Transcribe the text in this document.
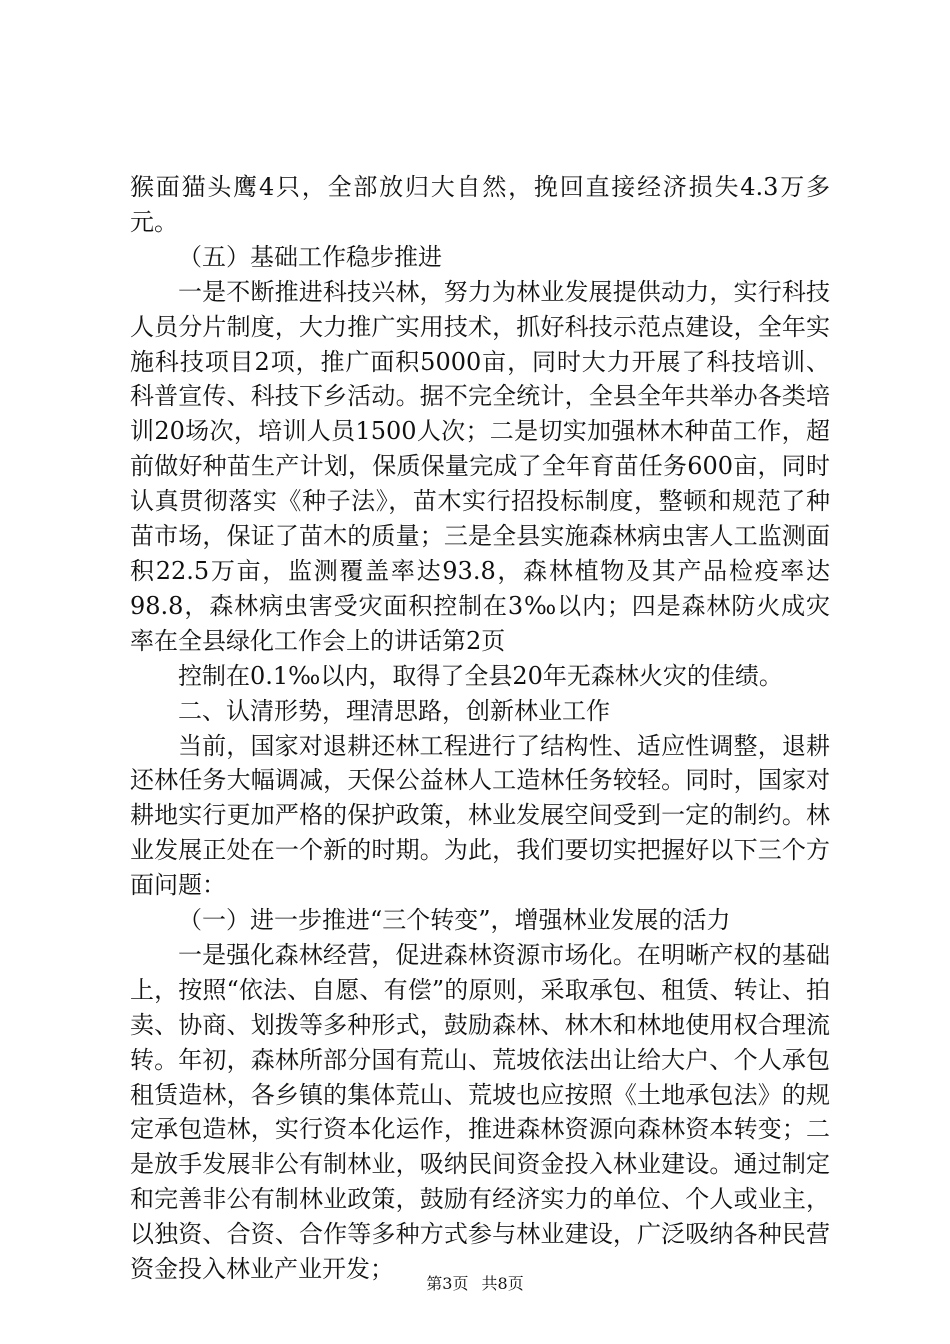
猴面猫头鹰4只，全部放归大自然，挽回直接经济损失4.3万多元。

（五）基础工作稳步推进

一是不断推进科技兴林，努力为林业发展提供动力，实行科技人员分片制度，大力推广实用技术，抓好科技示范点建设，全年实施科技项目2项，推广面积5000亩，同时大力开展了科技培训、科普宣传、科技下乡活动。据不完全统计，全县全年共举办各类培训20场次，培训人员1500人次；二是切实加强林木种苗工作，超前做好种苗生产计划，保质保量完成了全年育苗任务600亩，同时认真贯彻落实《种子法》，苗木实行招投标制度，整顿和规范了种苗市场，保证了苗木的质量；三是全县实施森林病虫害人工监测面积22.5万亩，监测覆盖率达93.8，森林植物及其产品检疫率达98.8，森林病虫害受灾面积控制在3‰以内；四是森林防火成灾率在全县绿化工作会上的讲话第2页

控制在0.1‰以内，取得了全县20年无森林火灾的佳绩。

二、认清形势，理清思路，创新林业工作

当前，国家对退耕还林工程进行了结构性、适应性调整，退耕还林任务大幅调减，天保公益林人工造林任务较轻。同时，国家对耕地实行更加严格的保护政策，林业发展空间受到一定的制约。林业发展正处在一个新的时期。为此，我们要切实把握好以下三个方面问题：

（一）进一步推进“三个转变”，增强林业发展的活力

一是强化森林经营，促进森林资源市场化。在明晰产权的基础上，按照“依法、自愿、有偿”的原则，采取承包、租赁、转让、拍卖、协商、划拨等多种形式，鼓励森林、林木和林地使用权合理流转。年初，森林所部分国有荒山、荒坡依法出让给大户、个人承包租赁造林，各乡镇的集体荒山、荒坡也应按照《土地承包法》的规定承包造林，实行资本化运作，推进森林资源向森林资本转变；二是放手发展非公有制林业，吸纳民间资金投入林业建设。通过制定和完善非公有制林业政策，鼓励有经济实力的单位、个人或业主，以独资、合资、合作等多种方式参与林业建设，广泛吸纳各种民营资金投入林业产业开发；

第3页 共8页
